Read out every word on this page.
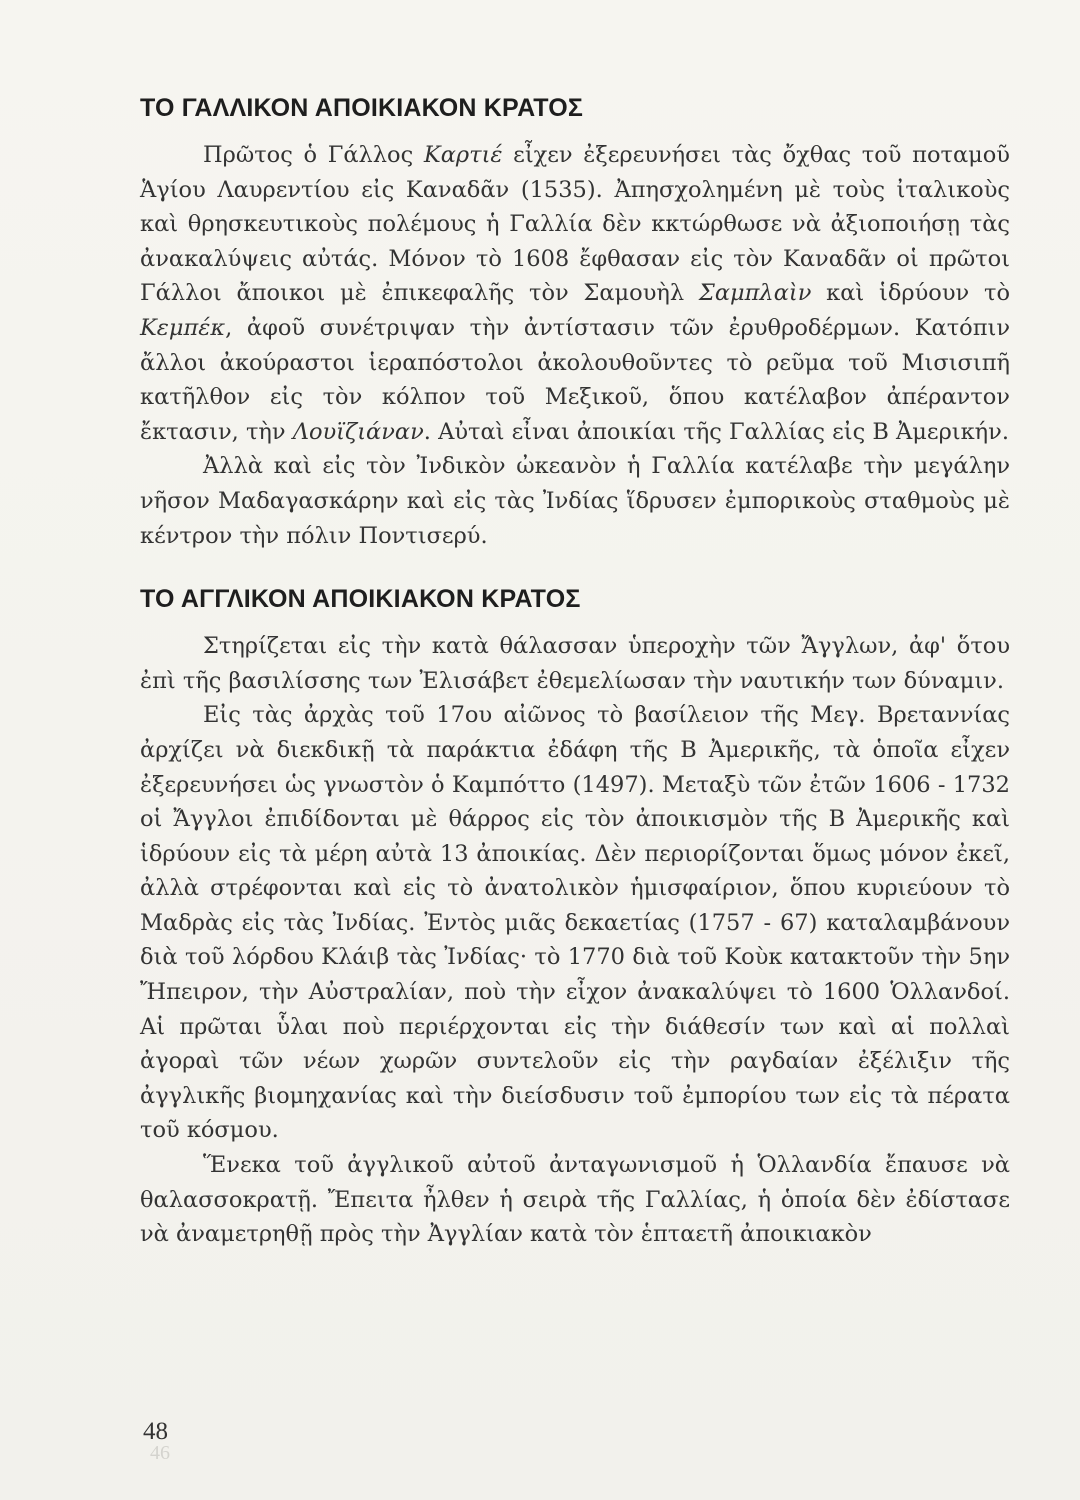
ΤΟ ΓΑΛΛΙΚΟΝ ΑΠΟΙΚΙΑΚΟΝ ΚΡΑΤΟΣ

Πρῶτος ὁ Γάλλος Καρτιέ εἶχεν ἐξερευνήσει τὰς ὄχθας τοῦ ποταμοῦ Ἁγίου Λαυρεντίου εἰς Καναδᾶν (1535). Ἀπησχολημένη μὲ τοὺς ἰταλικοὺς καὶ θρησκευτικοὺς πολέμους ἡ Γαλλία δὲν κκτώρθωσε νὰ ἀξιοποιήσῃ τὰς ἀνακαλύψεις αὐτάς. Μόνον τὸ 1608 ἔφθασαν εἰς τὸν Καναδᾶν οἱ πρῶτοι Γάλλοι ἄποικοι μὲ ἐπικεφαλῆς τὸν Σαμουὴλ Σαμπλαὶν καὶ ἱδρύουν τὸ Κεμπέκ, ἀφοῦ συνέτριψαν τὴν ἀντίστασιν τῶν ἐρυθροδέρμων. Κατόπιν ἄλλοι ἀκούραστοι ἱεραπόστολοι ἀκολουθοῦντες τὸ ρεῦμα τοῦ Μισισιπῆ κατῆλθον εἰς τὸν κόλπον τοῦ Μεξικοῦ, ὅπου κατέλαβον ἀπέραντον ἔκτασιν, τὴν Λουϊζιάναν. Αὐταὶ εἶναι ἀποικίαι τῆς Γαλλίας εἰς Β Ἀμερικήν.

Ἀλλὰ καὶ εἰς τὸν Ἰνδικὸν ὠκεανὸν ἡ Γαλλία κατέλαβε τὴν μεγάλην νῆσον Μαδαγασκάρην καὶ εἰς τὰς Ἰνδίας ἵδρυσεν ἐμπορικοὺς σταθμοὺς μὲ κέντρον τὴν πόλιν Ποντισερύ.

ΤΟ ΑΓΓΛΙΚΟΝ ΑΠΟΙΚΙΑΚΟΝ ΚΡΑΤΟΣ

Στηρίζεται εἰς τὴν κατὰ θάλασσαν ὑπεροχὴν τῶν Ἄγγλων, ἀφ' ὅτου ἐπὶ τῆς βασιλίσσης των Ἐλισάβετ ἐθεμελίωσαν τὴν ναυτικήν των δύναμιν.

Εἰς τὰς ἀρχὰς τοῦ 17ου αἰῶνος τὸ βασίλειον τῆς Μεγ. Βρεταννίας ἀρχίζει νὰ διεκδικῇ τὰ παράκτια ἐδάφη τῆς Β Ἀμερικῆς, τὰ ὁποῖα εἶχεν ἐξερευνήσει ὡς γνωστὸν ὁ Καμπόττο (1497). Μεταξὺ τῶν ἐτῶν 1606 - 1732 οἱ Ἄγγλοι ἐπιδίδονται μὲ θάρρος εἰς τὸν ἀποικισμὸν τῆς Β Ἀμερικῆς καὶ ἱδρύουν εἰς τὰ μέρη αὐτὰ 13 ἀποικίας. Δὲν περιορίζονται ὅμως μόνον ἐκεῖ, ἀλλὰ στρέφονται καὶ εἰς τὸ ἀνατολικὸν ἡμισφαίριον, ὅπου κυριεύουν τὸ Μαδρὰς εἰς τὰς Ἰνδίας. Ἐντὸς μιᾶς δεκαετίας (1757 - 67) καταλαμβάνουν διὰ τοῦ λόρδου Κλάιβ τὰς Ἰνδίας· τὸ 1770 διὰ τοῦ Κοὺκ κατακτοῦν τὴν 5ην Ἤπειρον, τὴν Αὐστραλίαν, ποὺ τὴν εἶχον ἀνακαλύψει τὸ 1600 Ὁλλανδοί. Αἱ πρῶται ὗλαι ποὺ περιέρχονται εἰς τὴν διάθεσίν των καὶ αἱ πολλαὶ ἀγοραὶ τῶν νέων χωρῶν συντελοῦν εἰς τὴν ραγδαίαν ἐξέλιξιν τῆς ἀγγλικῆς βιομηχανίας καὶ τὴν διείσδυσιν τοῦ ἐμπορίου των εἰς τὰ πέρατα τοῦ κόσμου.

Ἕνεκα τοῦ ἀγγλικοῦ αὐτοῦ ἀνταγωνισμοῦ ἡ Ὁλλανδία ἔπαυσε νὰ θαλασσοκρατῇ. Ἔπειτα ἦλθεν ἡ σειρὰ τῆς Γαλλίας, ἡ ὁποία δὲν ἐδίστασε νὰ ἀναμετρηθῇ πρὸς τὴν Ἀγγλίαν κατὰ τὸν ἑπταετῆ ἀποικιακὸν

48
46
